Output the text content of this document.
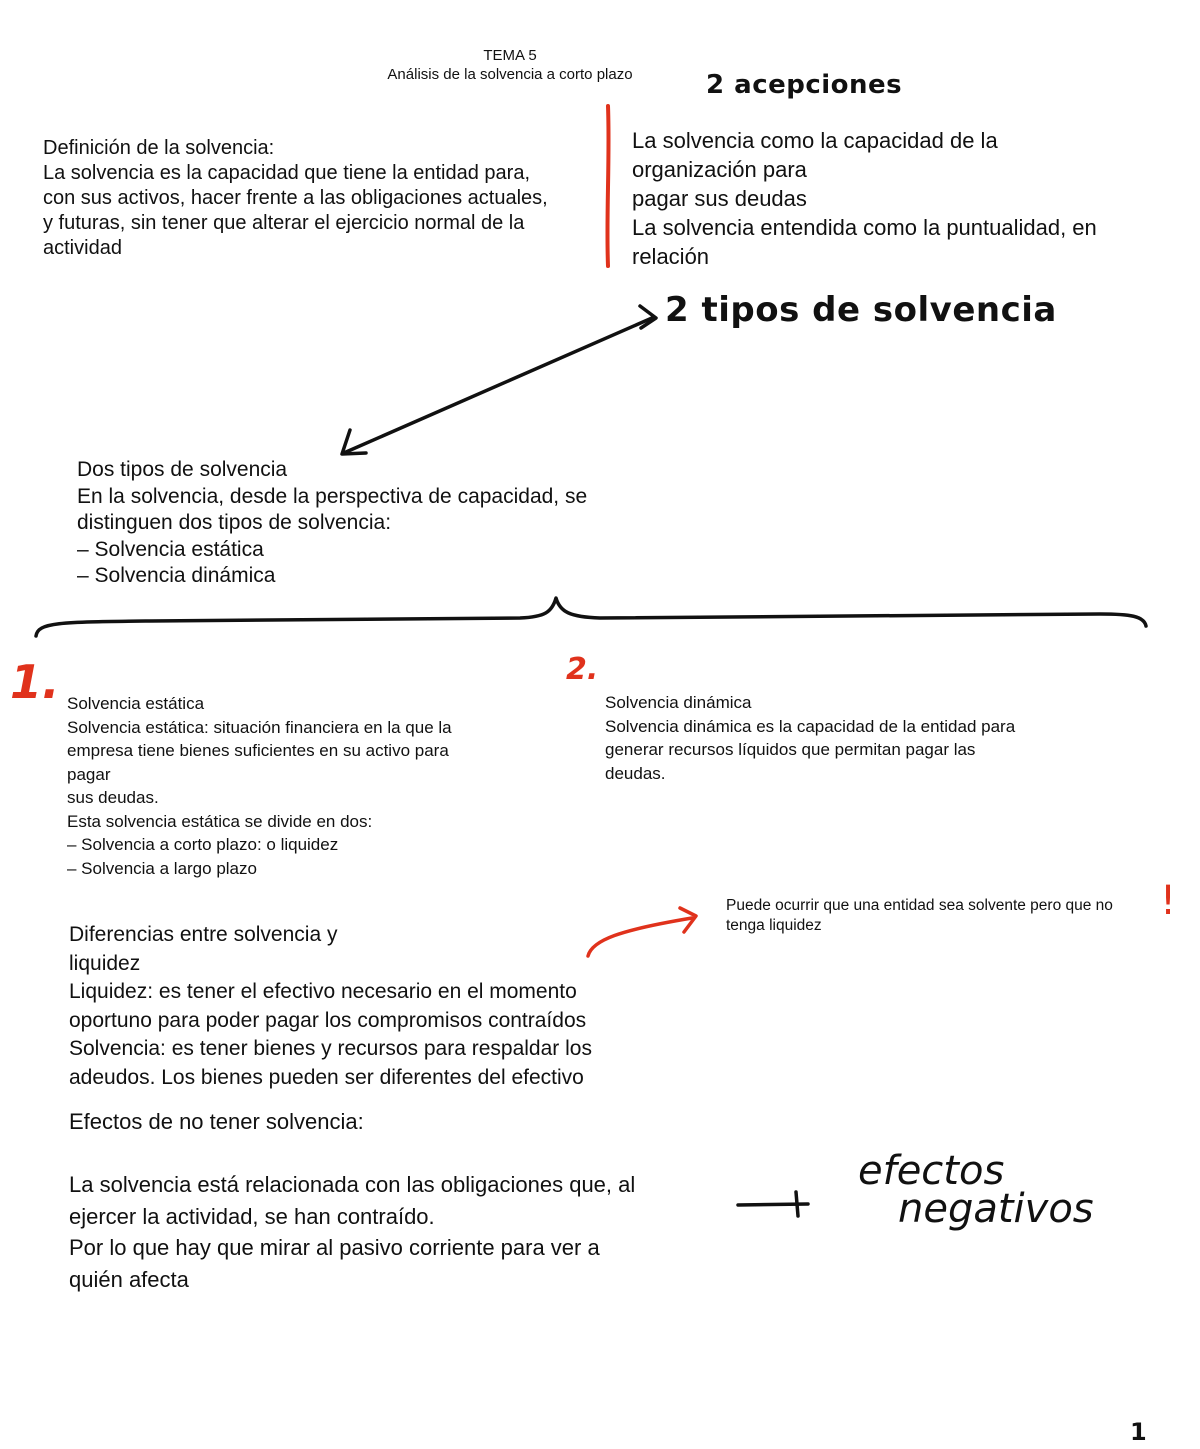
TEMA 5
Análisis de la solvencia a corto plazo	2 acepciones
2 tipos de solvencia
1.	2.
efectos
negativos
1
Definición de la solvencia:
La solvencia es la capacidad que tiene la entidad para,
con sus activos, hacer frente a las obligaciones actuales,
y futuras, sin tener que alterar el ejercicio normal de la
actividad
La solvencia como la capacidad de la
organización para
pagar sus deudas
La solvencia entendida como la puntualidad, en
relación
Dos tipos de solvencia
En la solvencia, desde la perspectiva de capacidad, se
distinguen dos tipos de solvencia:
– Solvencia estática
– Solvencia dinámica
Solvencia estática
Solvencia estática: situación financiera en la que la
empresa tiene bienes suficientes en su activo para
pagar
sus deudas.
Esta solvencia estática se divide en dos:
– Solvencia a corto plazo: o liquidez
– Solvencia a largo plazo
Solvencia dinámica
Solvencia dinámica es la capacidad de la entidad para
generar recursos líquidos que permitan pagar las
deudas.
Puede ocurrir que una entidad sea solvente pero que no
tenga liquidez
!
Diferencias entre solvencia y
liquidez
Liquidez: es tener el efectivo necesario en el momento
oportuno para poder pagar los compromisos contraídos
Solvencia: es tener bienes y recursos para respaldar los
adeudos. Los bienes pueden ser diferentes del efectivo
Efectos de no tener solvencia:
La solvencia está relacionada con las obligaciones que, al
ejercer la actividad, se han contraído.
Por lo que hay que mirar al pasivo corriente para ver a
quién afecta
